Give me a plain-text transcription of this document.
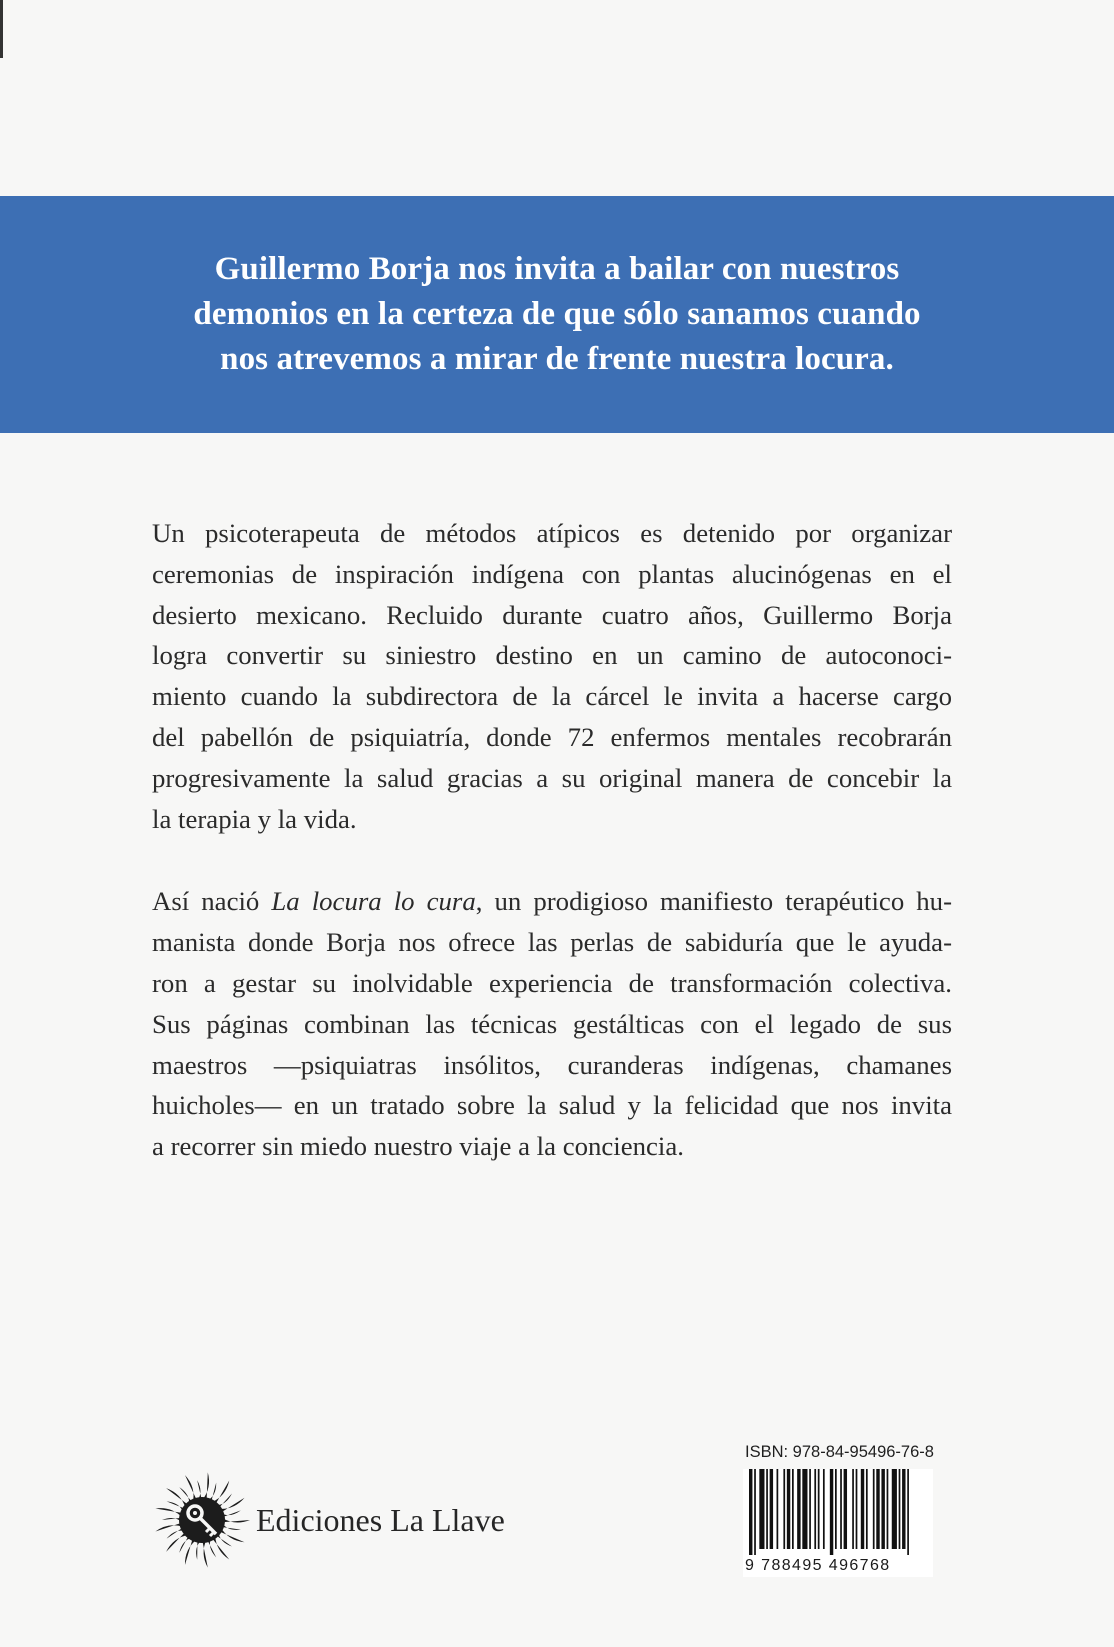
Guillermo Borja nos invita a bailar con nuestros
demonios en la certeza de que sólo sanamos cuando
nos atrevemos a mirar de frente nuestra locura.

Un psicoterapeuta de métodos atípicos es detenido por organizar
ceremonias de inspiración indígena con plantas alucinógenas en el
desierto mexicano. Recluido durante cuatro años, Guillermo Borja
logra convertir su siniestro destino en un camino de autoconoci-
miento cuando la subdirectora de la cárcel le invita a hacerse cargo
del pabellón de psiquiatría, donde 72 enfermos mentales recobrarán
progresivamente la salud gracias a su original manera de concebir la
la terapia y la vida.
Así nació La locura lo cura, un prodigioso manifiesto terapéutico hu-
manista donde Borja nos ofrece las perlas de sabiduría que le ayuda-
ron a gestar su inolvidable experiencia de transformación colectiva.
Sus páginas combinan las técnicas gestálticas con el legado de sus
maestros —psiquiatras insólitos, curanderas indígenas, chamanes
huicholes— en un tratado sobre la salud y la felicidad que nos invita
a recorrer sin miedo nuestro viaje a la conciencia.
Ediciones La Llave
ISBN: 978-84-95496-76-8
9 788495 496768
